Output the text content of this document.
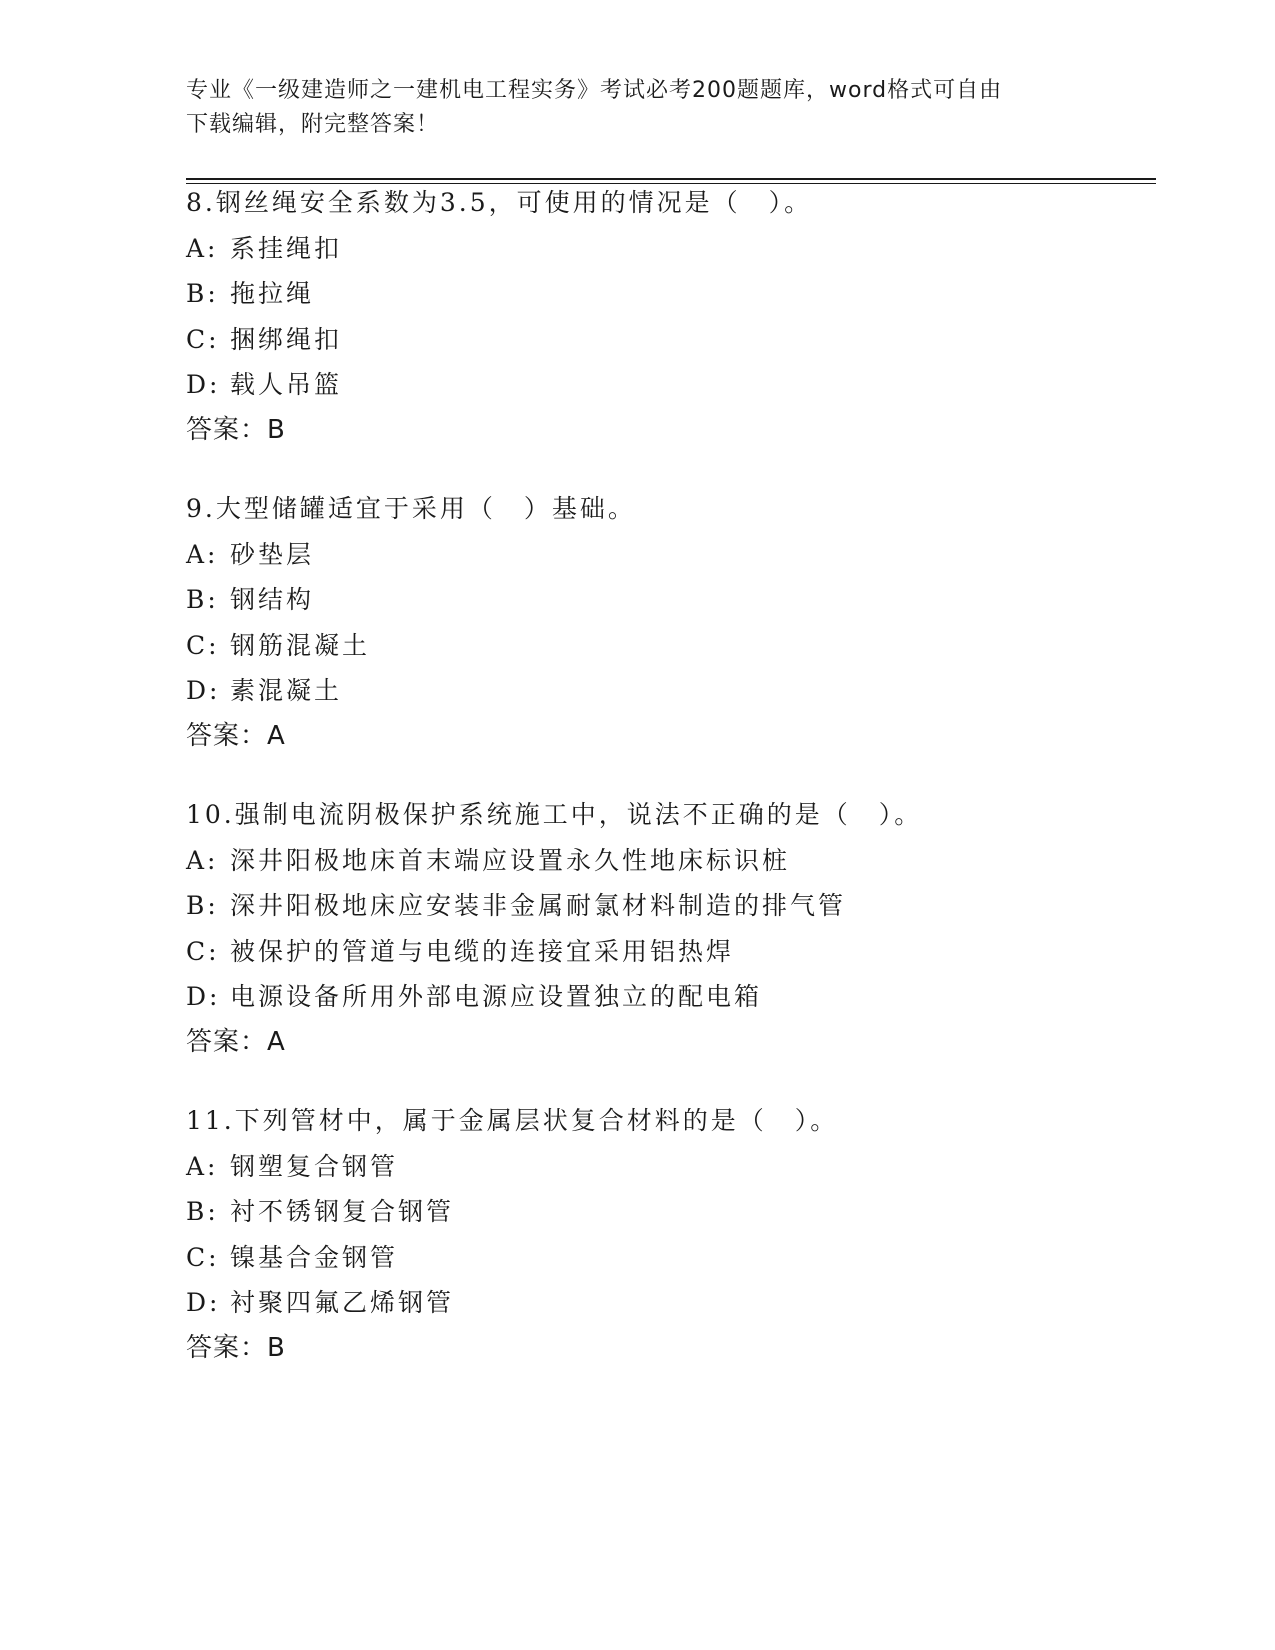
专业《一级建造师之一建机电工程实务》考试必考200题题库，word格式可自由
下载编辑，附完整答案！
8.钢丝绳安全系数为3.5，可使用的情况是（　）。
A: 系挂绳扣
B: 拖拉绳
C: 捆绑绳扣
D: 载人吊篮
答案：B
9.大型储罐适宜于采用（　）基础。
A: 砂垫层
B: 钢结构
C: 钢筋混凝土
D: 素混凝土
答案：A
10.强制电流阴极保护系统施工中，说法不正确的是（　）。
A: 深井阳极地床首末端应设置永久性地床标识桩
B: 深井阳极地床应安装非金属耐氯材料制造的排气管
C: 被保护的管道与电缆的连接宜采用铝热焊
D: 电源设备所用外部电源应设置独立的配电箱
答案：A
11.下列管材中，属于金属层状复合材料的是（　）。
A: 钢塑复合钢管
B: 衬不锈钢复合钢管
C: 镍基合金钢管
D: 衬聚四氟乙烯钢管
答案：B
